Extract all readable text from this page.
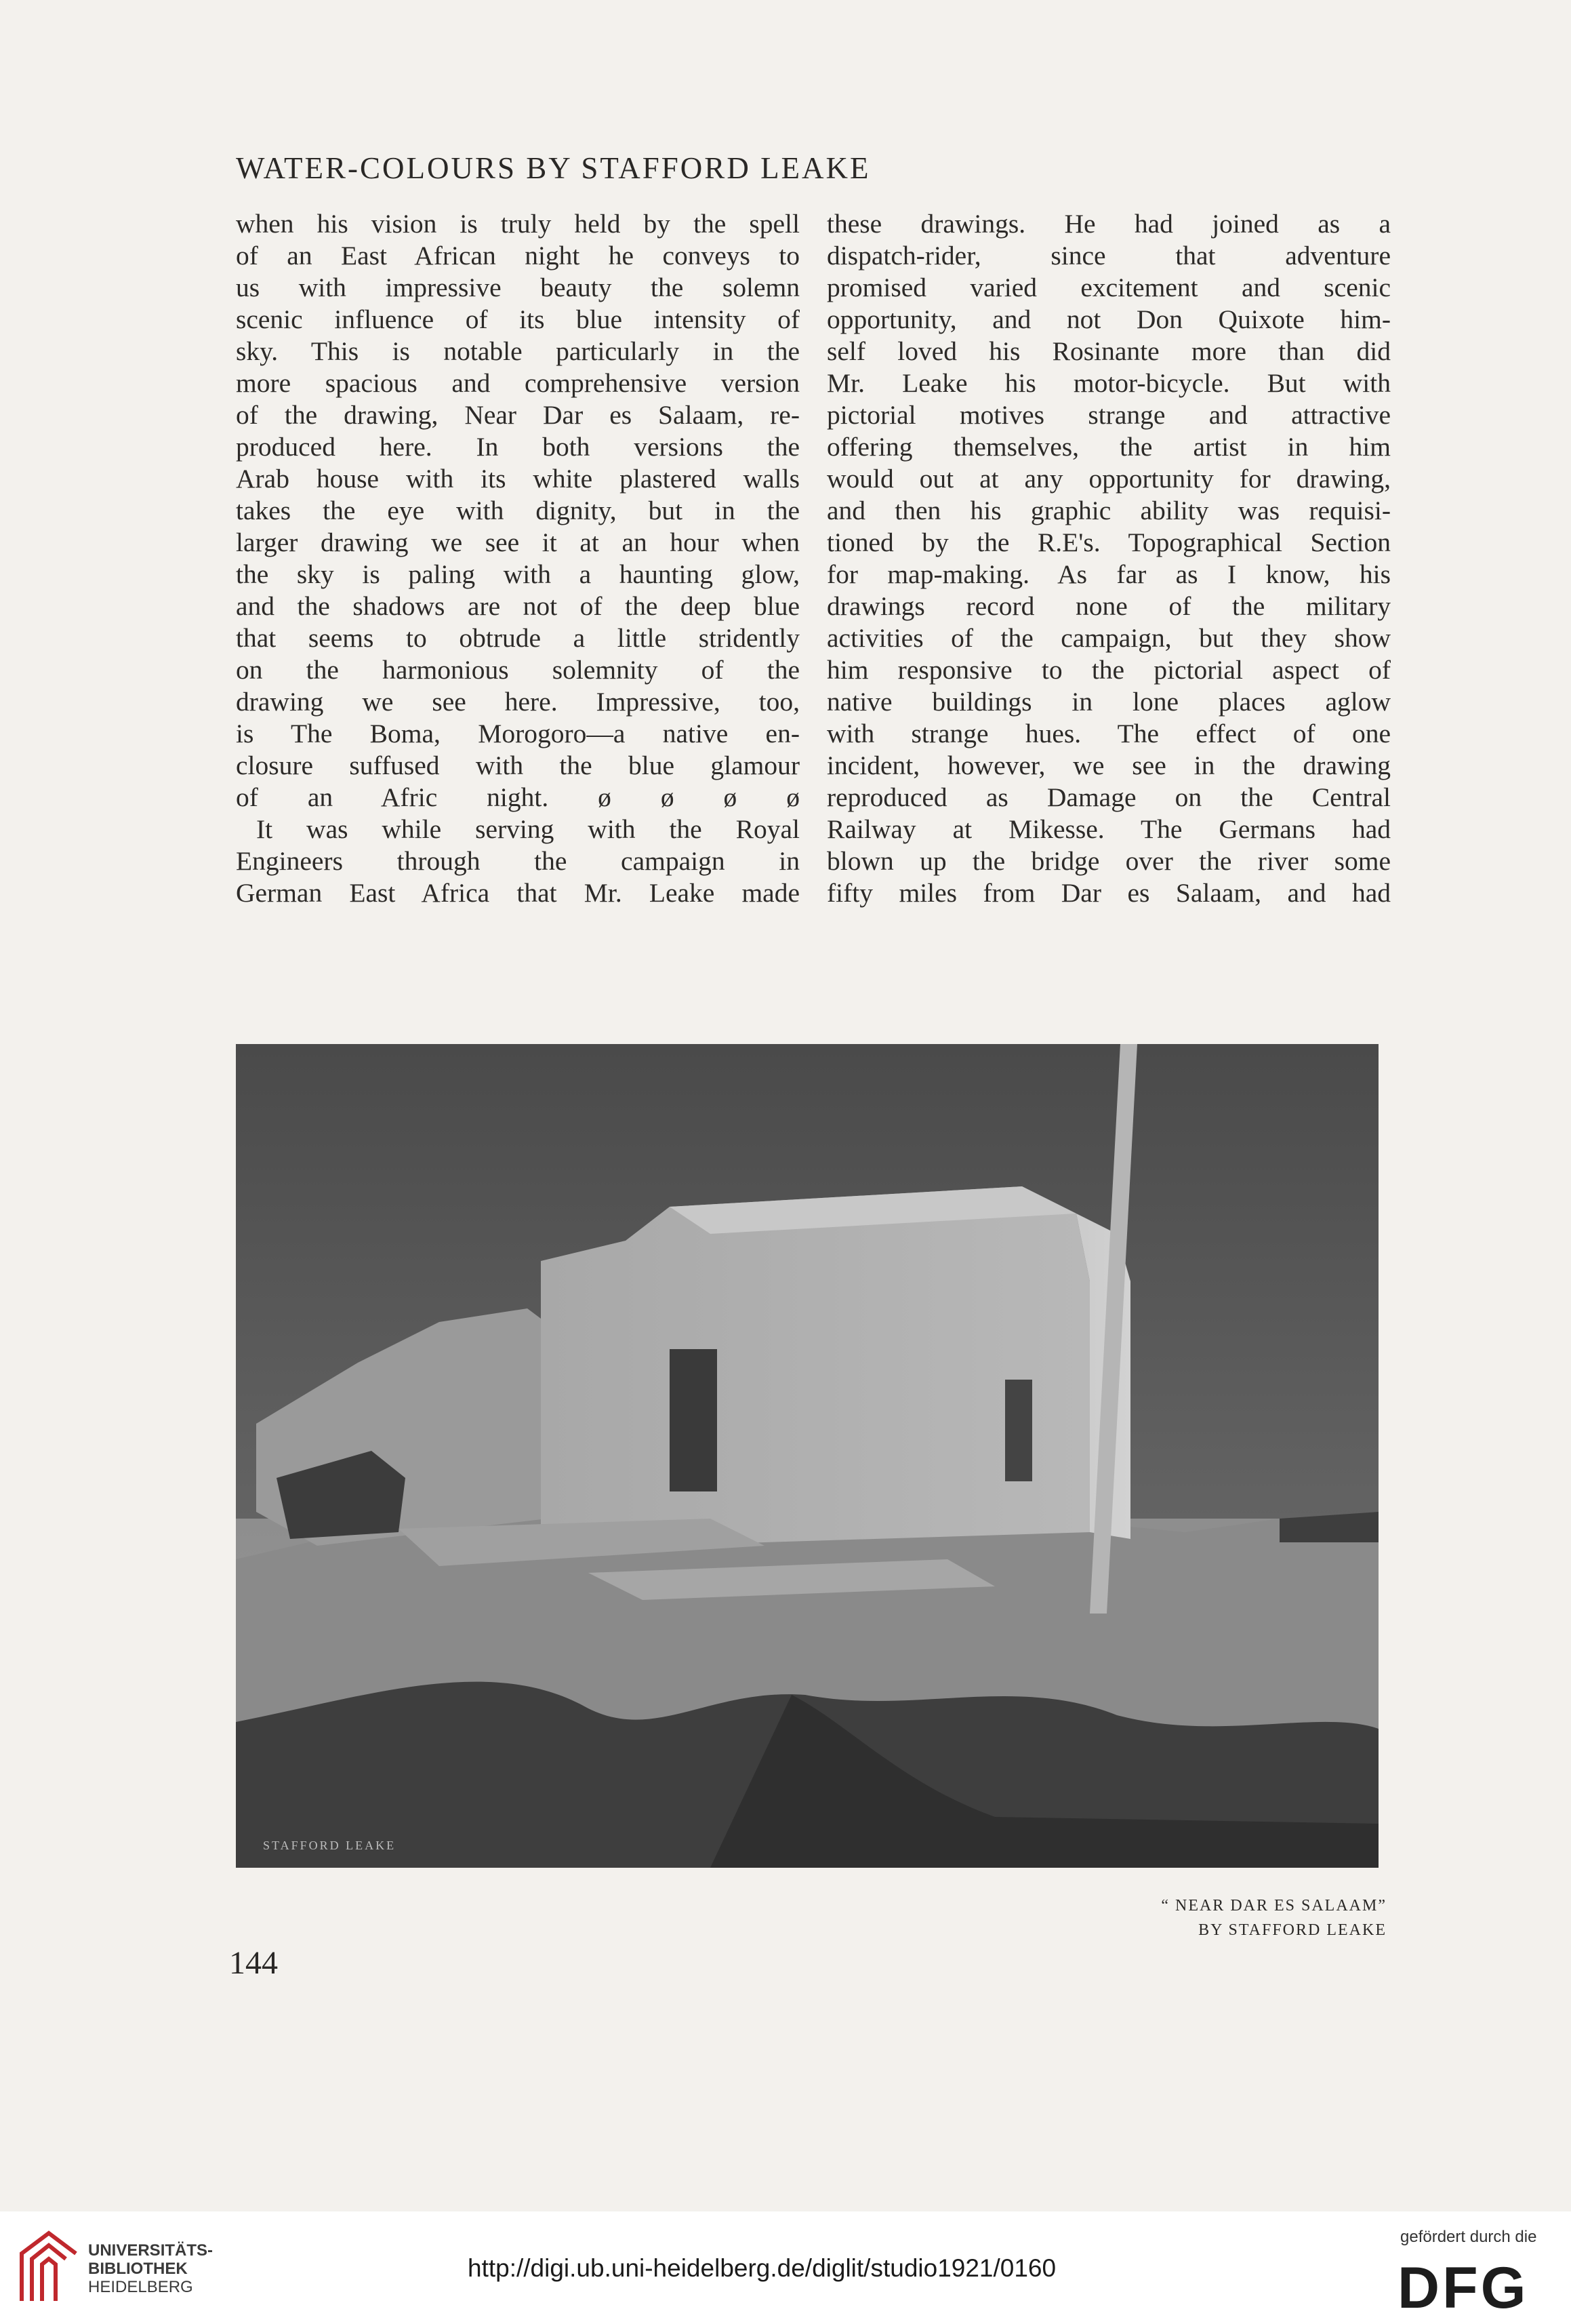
WATER-COLOURS BY STAFFORD LEAKE
when his vision is truly held by the spell
of an East African night he conveys to
us with impressive beauty the solemn
scenic influence of its blue intensity of
sky. This is notable particularly in the
more spacious and comprehensive version
of the drawing, Near Dar es Salaam, re-
produced here. In both versions the
Arab house with its white plastered walls
takes the eye with dignity, but in the
larger drawing we see it at an hour when
the sky is paling with a haunting glow,
and the shadows are not of the deep blue
that seems to obtrude a little stridently
on the harmonious solemnity of the
drawing we see here. Impressive, too,
is The Boma, Morogoro—a native en-
closure suffused with the blue glamour
of an Afric night. ø ø ø ø
It was while serving with the Royal
Engineers through the campaign in
German East Africa that Mr. Leake made
these drawings. He had joined as a
dispatch-rider, since that adventure
promised varied excitement and scenic
opportunity, and not Don Quixote him-
self loved his Rosinante more than did
Mr. Leake his motor-bicycle. But with
pictorial motives strange and attractive
offering themselves, the artist in him
would out at any opportunity for drawing,
and then his graphic ability was requisi-
tioned by the R.E's. Topographical Section
for map-making. As far as I know, his
drawings record none of the military
activities of the campaign, but they show
him responsive to the pictorial aspect of
native buildings in lone places aglow
with strange hues. The effect of one
incident, however, we see in the drawing
reproduced as Damage on the Central
Railway at Mikesse. The Germans had
blown up the bridge over the river some
fifty miles from Dar es Salaam, and had
STAFFORD LEAKE
“ NEAR DAR ES SALAAM”
BY STAFFORD LEAKE
144
UNIVERSITÄTS-
BIBLIOTHEK
HEIDELBERG
http://digi.ub.uni-heidelberg.de/diglit/studio1921/0160
gefördert durch die
DFG
